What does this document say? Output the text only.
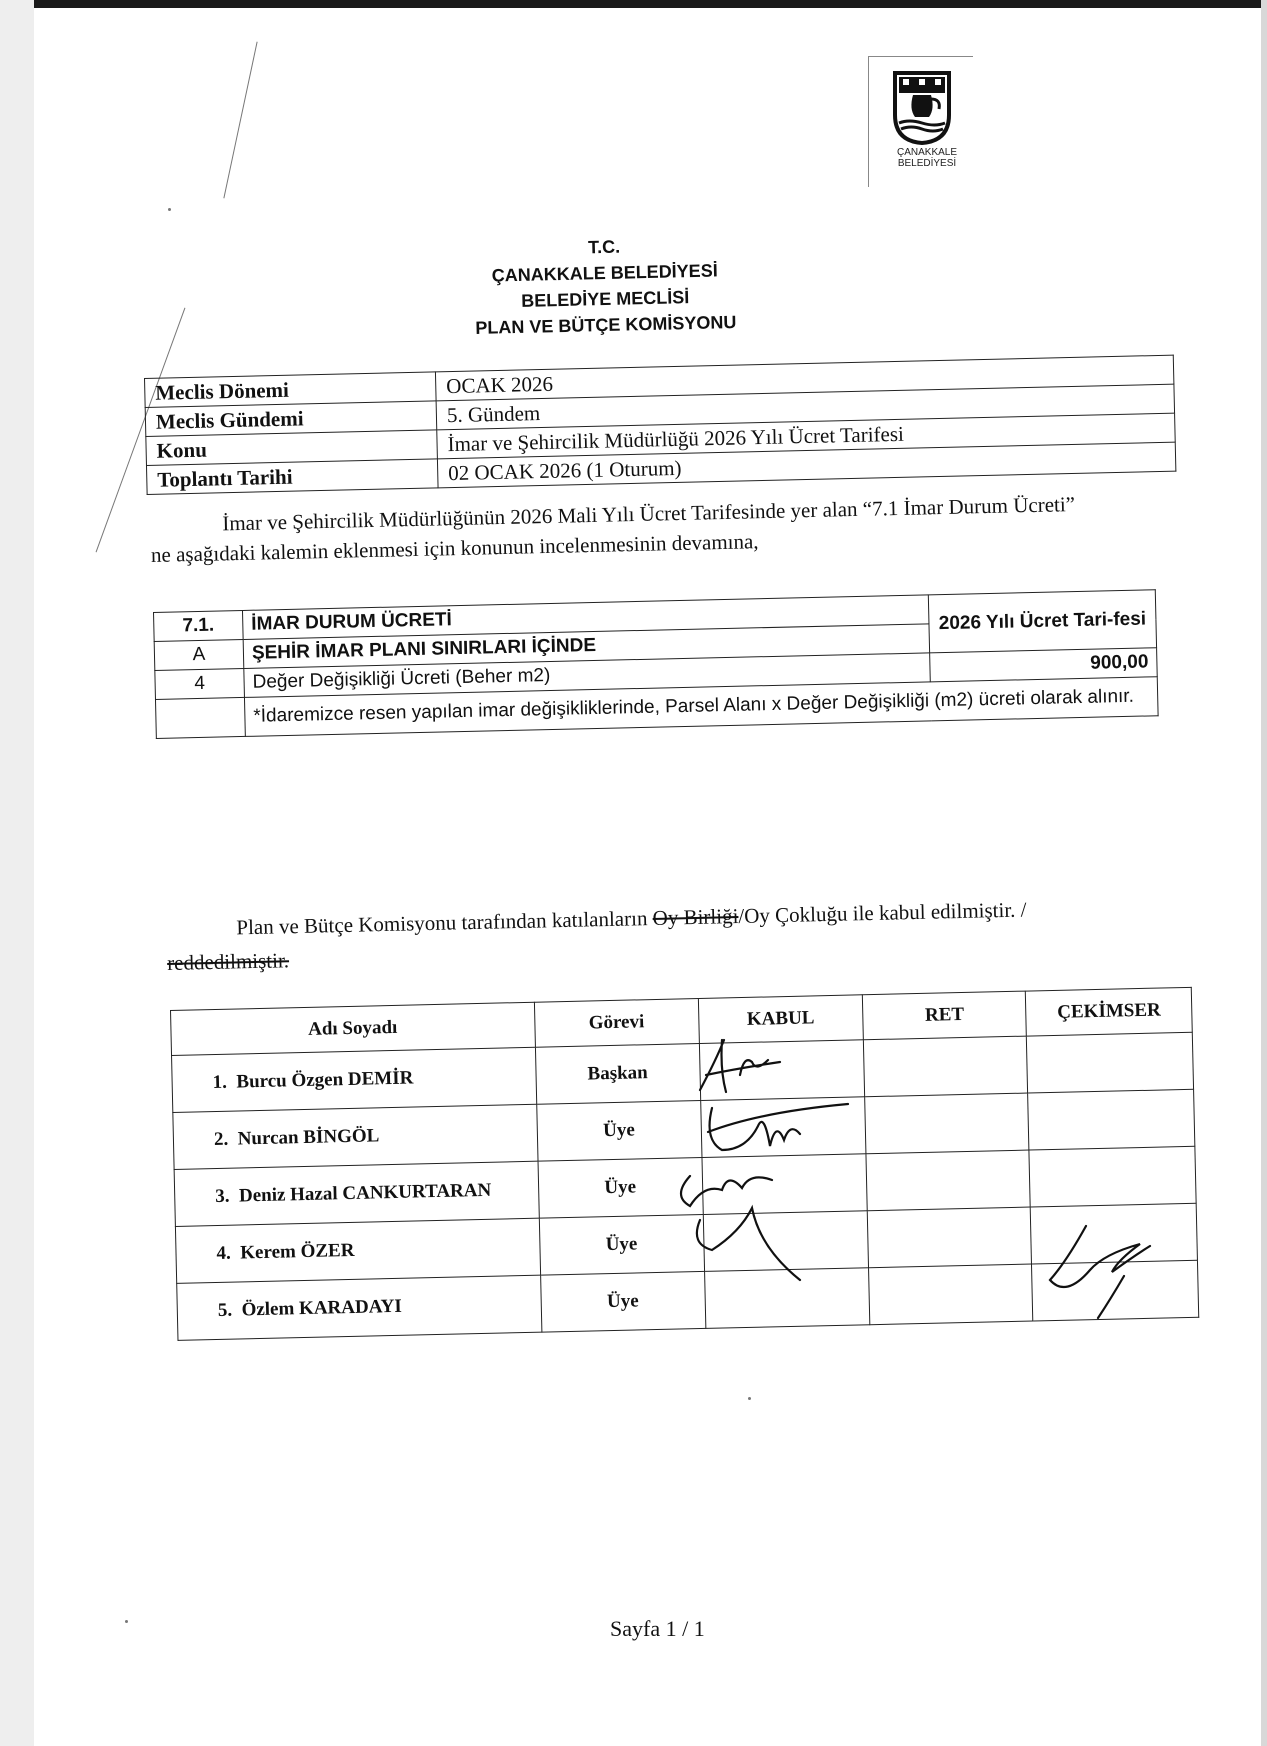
ÇANAKKALE
BELEDİYESİ
T.C.
ÇANAKKALE BELEDİYESİ
BELEDİYE MECLİSİ
PLAN VE BÜTÇE KOMİSYONU
Meclis Dönemi	OCAK 2026
Meclis Gündemi	5. Gündem
Konu	İmar ve Şehircilik Müdürlüğü 2026 Yılı Ücret Tarifesi
Toplantı Tarihi	02 OCAK 2026 (1 Oturum)
İmar ve Şehircilik Müdürlüğünün 2026 Mali Yılı Ücret Tarifesinde yer alan “7.1 İmar Durum Ücreti” ne aşağıdaki kalemin eklenmesi için konunun incelenmesinin devamına,
7.1.	İMAR DURUM ÜCRETİ	2026 Yılı Ücret Tari-fesi
A	ŞEHİR İMAR PLANI SINIRLARI İÇİNDE	
4	Değer Değişikliği Ücreti (Beher m2)	900,00
	*İdaremizce resen yapılan imar değişikliklerinde, Parsel Alanı x Değer Değişikliği (m2) ücreti olarak alınır.	
Plan ve Bütçe Komisyonu tarafından katılanların Oy Birliği/Oy Çokluğu ile kabul edilmiştir. / reddedilmiştir.
Adı Soyadı	Görevi	KABUL	RET	ÇEKİMSER
1. Burcu Özgen DEMİR	Başkan			
2. Nurcan BİNGÖL	Üye			
3. Deniz Hazal CANKURTARAN	Üye			
4. Kerem ÖZER	Üye			
5. Özlem KARADAYI	Üye			
Sayfa 1 / 1
